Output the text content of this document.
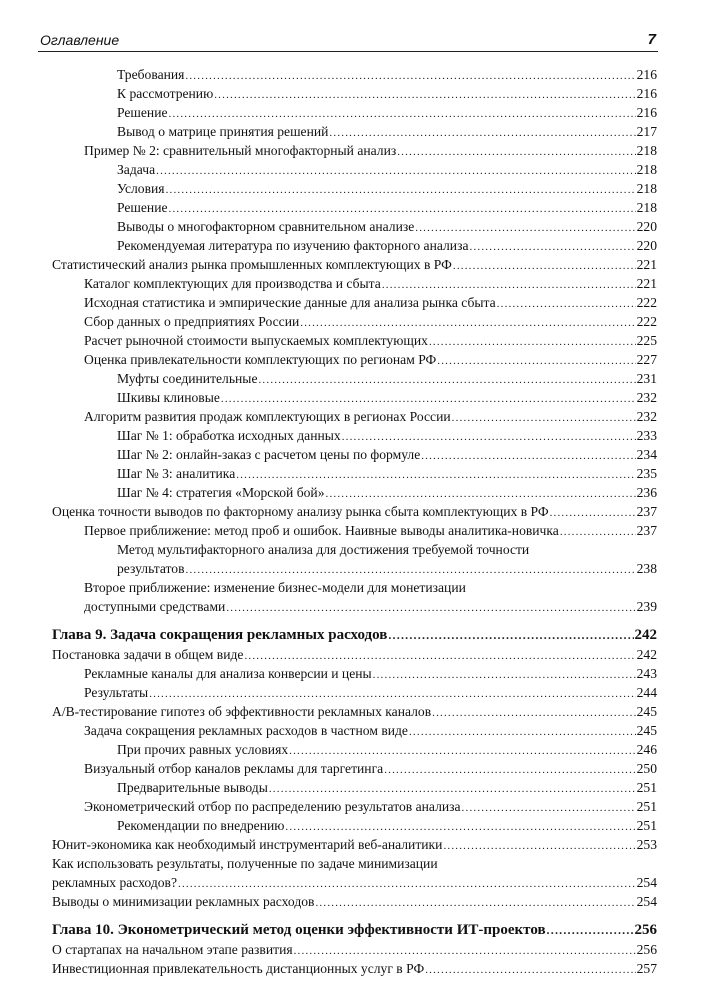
Оглавление	7
Требования .....	216
К рассмотрению .....	216
Решение .....	216
Вывод о матрице принятия решений .....	217
Пример № 2: сравнительный многофакторный анализ .....	218
Задача .....	218
Условия .....	218
Решение .....	218
Выводы о многофакторном сравнительном анализе .....	220
Рекомендуемая литература по изучению факторного анализа .....	220
Статистический анализ рынка промышленных комплектующих в РФ .....	221
Каталог комплектующих для производства и сбыта .....	221
Исходная статистика и эмпирические данные для анализа рынка сбыта .....	222
Сбор данных о предприятиях России .....	222
Расчет рыночной стоимости выпускаемых комплектующих .....	225
Оценка привлекательности комплектующих по регионам РФ .....	227
Муфты соединительные .....	231
Шкивы клиновые .....	232
Алгоритм развития продаж комплектующих в регионах России .....	232
Шаг № 1: обработка исходных данных .....	233
Шаг № 2: онлайн-заказ с расчетом цены по формуле .....	234
Шаг № 3: аналитика .....	235
Шаг № 4: стратегия «Морской бой» .....	236
Оценка точности выводов по факторному анализу рынка сбыта комплектующих в РФ .....	237
Первое приближение: метод проб и ошибок. Наивные выводы аналитика-новичка .....	237
Метод мультифакторного анализа для достижения требуемой точности
результатов .....	238
Второе приближение: изменение бизнес-модели для монетизации
доступными средствами .....	239
Глава 9. Задача сокращения рекламных расходов .....	242
Постановка задачи в общем виде .....	242
Рекламные каналы для анализа конверсии и цены .....	243
Результаты .....	244
A/B-тестирование гипотез об эффективности рекламных каналов .....	245
Задача сокращения рекламных расходов в частном виде .....	245
При прочих равных условиях .....	246
Визуальный отбор каналов рекламы для таргетинга .....	250
Предварительные выводы .....	251
Эконометрический отбор по распределению результатов анализа .....	251
Рекомендации по внедрению .....	251
Юнит-экономика как необходимый инструментарий веб-аналитики .....	253
Как использовать результаты, полученные по задаче минимизации
рекламных расходов? .....	254
Выводы о минимизации рекламных расходов .....	254
Глава 10. Эконометрический метод оценки эффективности ИТ-проектов .....	256
О стартапах на начальном этапе развития .....	256
Инвестиционная привлекательность дистанционных услуг в РФ .....	257
